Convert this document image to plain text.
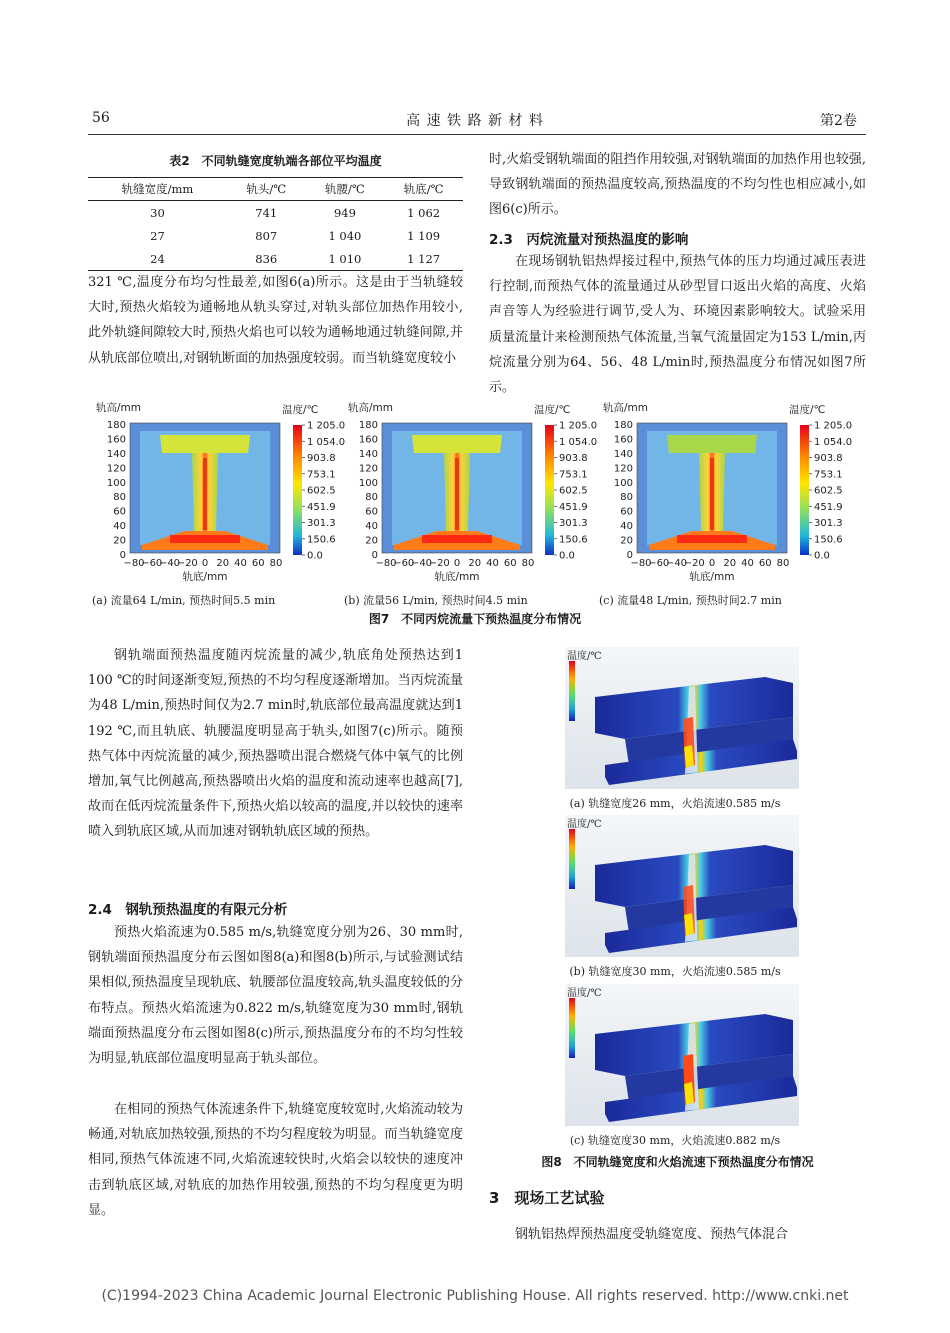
56	高 速 铁 路 新 材 料	第2卷
表2　不同轨缝宽度轨端各部位平均温度
轨缝宽度/mm	轨头/℃	轨腰/℃	轨底/℃
30	741	949	1 062
27	807	1 040	1 109
24	836	1 010	1 127

321 ℃,温度分布均匀性最差,如图6(a)所示。这是由于当轨缝较大时,预热火焰较为通畅地从轨头穿过,对轨头部位加热作用较小,此外轨缝间隙较大时,预热火焰也可以较为通畅地通过轨缝间隙,并从轨底部位喷出,对钢轨断面的加热强度较弱。而当轨缝宽度较小

时,火焰受钢轨端面的阻挡作用较强,对钢轨端面的加热作用也较强,导致钢轨端面的预热温度较高,预热温度的不均匀性也相应减小,如图6(c)所示。

2.3　丙烷流量对预热温度的影响

在现场钢轨铝热焊接过程中,预热气体的压力均通过减压表进行控制,而预热气体的流量通过从砂型冒口返出火焰的高度、火焰声音等人为经验进行调节,受人为、环境因素影响较大。试验采用质量流量计来检测预热气体流量,当氧气流量固定为153 L/min,丙烷流量分别为64、56、48 L/min时,预热温度分布情况如图7所示。

轨高/mm	温度/℃
180
160
140
120
100
80
60
40
20
0
−80
−60
−40
−20 0 20 40 60 80
轨底/mm
1 205.0
1 054.0
903.8
753.1
602.5
451.9
301.3
150.6
0.0
(a) 流量64 L/min, 预热时间5.5 min
轨高/mm	温度/℃
180
160
140
120
100
80
60
40
20
0
−80
−60
−40
−20 0 20 40 60 80
轨底/mm
1 205.0
1 054.0
903.8
753.1
602.5
451.9
301.3
150.6
0.0
(b) 流量56 L/min, 预热时间4.5 min
轨高/mm	温度/℃
180
160
140
120
100
80
60
40
20
0
−80
−60
−40
−20 0 20 40 60 80
轨底/mm
1 205.0
1 054.0
903.8
753.1
602.5
451.9
301.3
150.6
0.0
(c) 流量48 L/min, 预热时间2.7 min
图7　不同丙烷流量下预热温度分布情况

钢轨端面预热温度随丙烷流量的减少,轨底角处预热达到1 100 ℃的时间逐渐变短,预热的不均匀程度逐渐增加。当丙烷流量为48 L/min,预热时间仅为2.7 min时,轨底部位最高温度就达到1 192 ℃,而且轨底、轨腰温度明显高于轨头,如图7(c)所示。随预热气体中丙烷流量的减少,预热器喷出混合燃烧气体中氧气的比例增加,氧气比例越高,预热器喷出火焰的温度和流动速率也越高[7],故而在低丙烷流量条件下,预热火焰以较高的温度,并以较快的速率喷入到轨底区域,从而加速对钢轨轨底区域的预热。

2.4　钢轨预热温度的有限元分析

预热火焰流速为0.585 m/s,轨缝宽度分别为26、30 mm时,钢轨端面预热温度分布云图如图8(a)和图8(b)所示,与试验测试结果相似,预热温度呈现轨底、轨腰部位温度较高,轨头温度较低的分布特点。预热火焰流速为0.822 m/s,轨缝宽度为30 mm时,钢轨端面预热温度分布云图如图8(c)所示,预热温度分布的不均匀性较为明显,轨底部位温度明显高于轨头部位。

在相同的预热气体流速条件下,轨缝宽度较宽时,火焰流动较为畅通,对轨底加热较强,预热的不均匀程度较为明显。而当轨缝宽度相同,预热气体流速不同,火焰流速较快时,火焰会以较快的速度冲击到轨底区域,对轨底的加热作用较强,预热的不均匀程度更为明显。

温度/℃
(a) 轨缝宽度26 mm，火焰流速0.585 m/s
温度/℃
(b) 轨缝宽度30 mm，火焰流速0.585 m/s
温度/℃
(c) 轨缝宽度30 mm，火焰流速0.882 m/s
图8　不同轨缝宽度和火焰流速下预热温度分布情况
3　现场工艺试验

钢轨铝热焊预热温度受轨缝宽度、预热气体混合

(C)1994-2023 China Academic Journal Electronic Publishing House. All rights reserved. http://www.cnki.net
